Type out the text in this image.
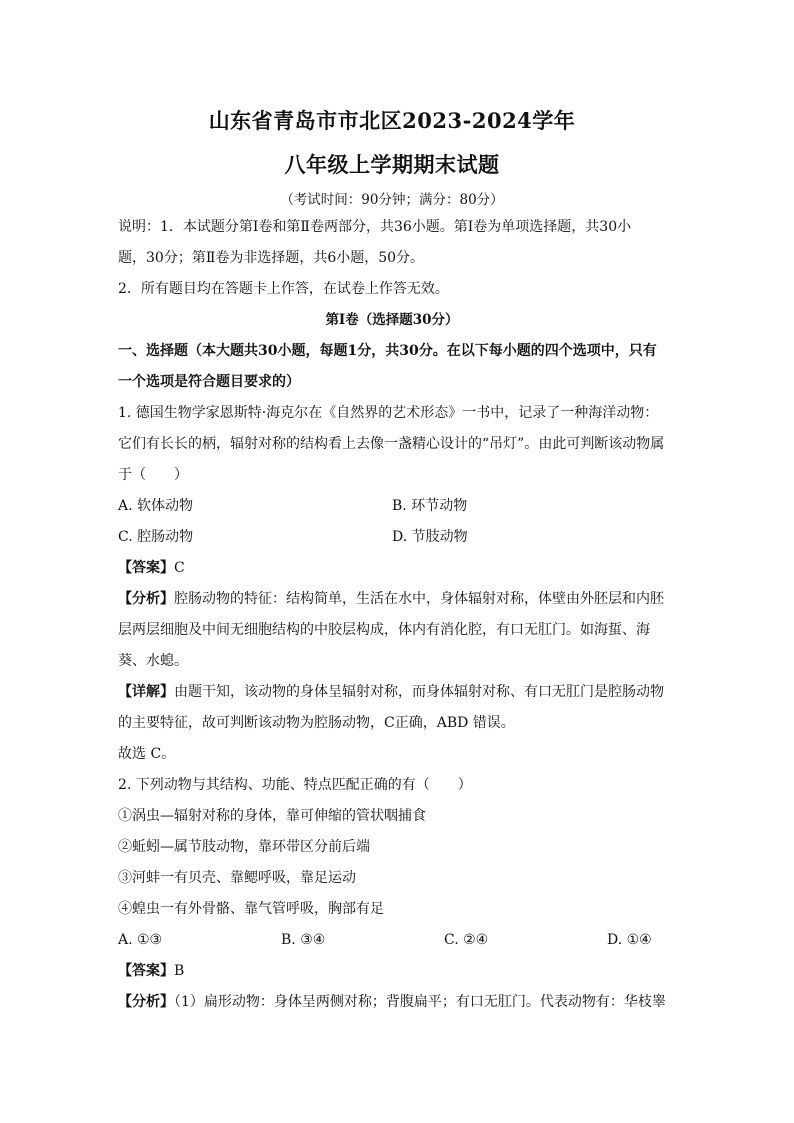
山东省青岛市市北区2023-2024学年
八年级上学期期末试题
（考试时间：90分钟；满分：80分）

说明：1．本试题分第Ⅰ卷和第Ⅱ卷两部分，共36小题。第Ⅰ卷为单项选择题，共30小

题，30分；第Ⅱ卷为非选择题，共6小题，50分。

2．所有题目均在答题卡上作答，在试卷上作答无效。

第Ⅰ卷（选择题30分）

一、选择题（本大题共30小题，每题1分，共30分。在以下每小题的四个选项中，只有

一个选项是符合题目要求的）

1. 德国生物学家恩斯特·海克尔在《自然界的艺术形态》一书中，记录了一种海洋动物：

它们有长长的柄，辐射对称的结构看上去像一盏精心设计的“吊灯”。由此可判断该动物属

于（　　）

A. 软体动物	B. 环节动物
C. 腔肠动物	D. 节肢动物

【答案】C

【分析】腔肠动物的特征：结构简单，生活在水中，身体辐射对称，体壁由外胚层和内胚

层两层细胞及中间无细胞结构的中胶层构成，体内有消化腔，有口无肛门。如海蜇、海

葵、水螅。

【详解】由题干知，该动物的身体呈辐射对称，而身体辐射对称、有口无肛门是腔肠动物

的主要特征，故可判断该动物为腔肠动物，C正确，ABD 错误。

故选 C。

2. 下列动物与其结构、功能、特点匹配正确的有（　　）

①涡虫—辐射对称的身体，靠可伸缩的管状咽捕食

②蚯蚓—属节肢动物，靠环带区分前后端

③河蚌一有贝壳、靠鳃呼吸，靠足运动

④蝗虫一有外骨骼、靠气管呼吸，胸部有足

A. ①③	B. ③④	C. ②④	D. ①④

【答案】B

【分析】（1）扁形动物：身体呈两侧对称；背腹扁平；有口无肛门。代表动物有：华枝睾
